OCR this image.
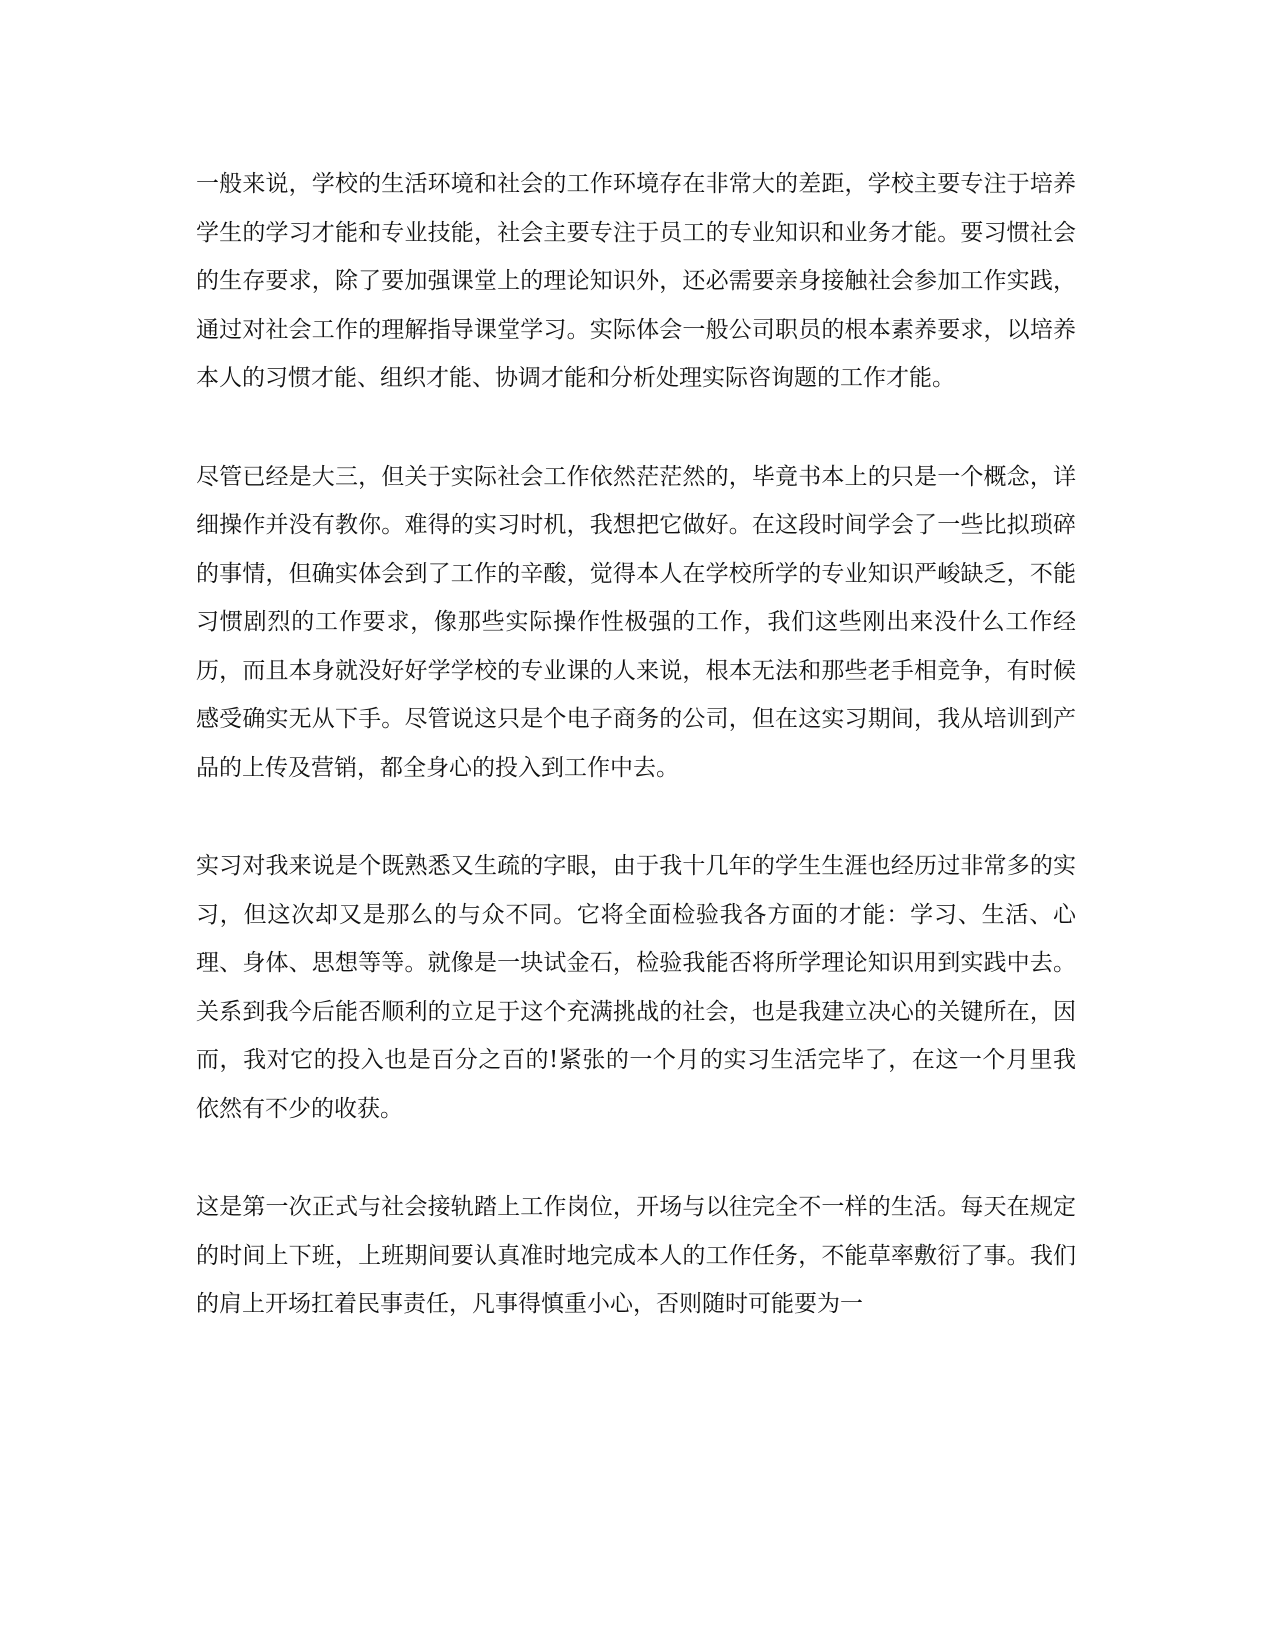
一般来说，学校的生活环境和社会的工作环境存在非常大的差距，学校主要专注于培养学生的学习才能和专业技能，社会主要专注于员工的专业知识和业务才能。要习惯社会的生存要求，除了要加强课堂上的理论知识外，还必需要亲身接触社会参加工作实践，通过对社会工作的理解指导课堂学习。实际体会一般公司职员的根本素养要求，以培养本人的习惯才能、组织才能、协调才能和分析处理实际咨询题的工作才能。

尽管已经是大三，但关于实际社会工作依然茫茫然的，毕竟书本上的只是一个概念，详细操作并没有教你。难得的实习时机，我想把它做好。在这段时间学会了一些比拟琐碎的事情，但确实体会到了工作的辛酸，觉得本人在学校所学的专业知识严峻缺乏，不能习惯剧烈的工作要求，像那些实际操作性极强的工作，我们这些刚出来没什么工作经历，而且本身就没好好学学校的专业课的人来说，根本无法和那些老手相竞争，有时候感受确实无从下手。尽管说这只是个电子商务的公司，但在这实习期间，我从培训到产品的上传及营销，都全身心的投入到工作中去。

实习对我来说是个既熟悉又生疏的字眼，由于我十几年的学生生涯也经历过非常多的实习，但这次却又是那么的与众不同。它将全面检验我各方面的才能：学习、生活、心理、身体、思想等等。就像是一块试金石，检验我能否将所学理论知识用到实践中去。关系到我今后能否顺利的立足于这个充满挑战的社会，也是我建立决心的关键所在，因而，我对它的投入也是百分之百的!紧张的一个月的实习生活完毕了，在这一个月里我依然有不少的收获。

这是第一次正式与社会接轨踏上工作岗位，开场与以往完全不一样的生活。每天在规定的时间上下班，上班期间要认真准时地完成本人的工作任务，不能草率敷衍了事。我们的肩上开场扛着民事责任，凡事得慎重小心，否则随时可能要为一
